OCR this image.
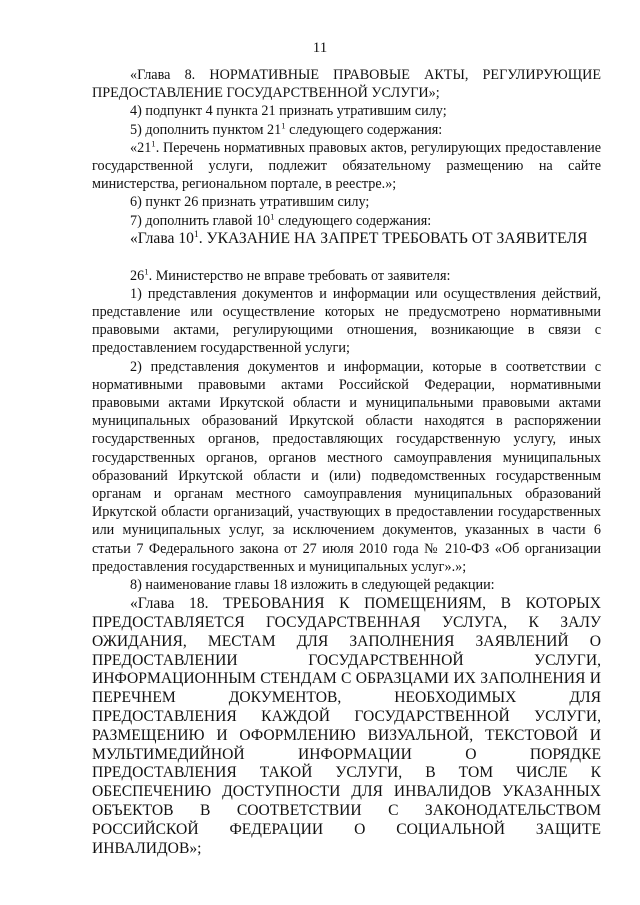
11

«Глава 8. НОРМАТИВНЫЕ ПРАВОВЫЕ АКТЫ, РЕГУЛИРУЮЩИЕ ПРЕДОСТАВЛЕНИЕ ГОСУДАРСТВЕННОЙ УСЛУГИ»;

4) подпункт 4 пункта 21 признать утратившим силу;

5) дополнить пунктом $21^1$ следующего содержания:

«$21^1$. Перечень нормативных правовых актов, регулирующих предоставление государственной услуги, подлежит обязательному размещению на сайте министерства, региональном портале, в реестре.»;

6) пункт 26 признать утратившим силу;

7) дополнить главой $10^1$ следующего содержания:

«Глава $10^1$. УКАЗАНИЕ НА ЗАПРЕТ ТРЕБОВАТЬ ОТ ЗАЯВИТЕЛЯ

$26^1$. Министерство не вправе требовать от заявителя:

1) представления документов и информации или осуществления действий, представление или осуществление которых не предусмотрено нормативными правовыми актами, регулирующими отношения, возникающие в связи с предоставлением государственной услуги;

2) представления документов и информации, которые в соответствии с нормативными правовыми актами Российской Федерации, нормативными правовыми актами Иркутской области и муниципальными правовыми актами муниципальных образований Иркутской области находятся в распоряжении государственных органов, предоставляющих государственную услугу, иных государственных органов, органов местного самоуправления муниципальных образований Иркутской области и (или) подведомственных государственным органам и органам местного самоуправления муниципальных образований Иркутской области организаций, участвующих в предоставлении государственных или муниципальных услуг, за исключением документов, указанных в части 6 статьи 7 Федерального закона от 27 июля 2010 года № 210-ФЗ «Об организации предоставления государственных и муниципальных услуг».»;

8) наименование главы 18 изложить в следующей редакции:

«Глава 18. ТРЕБОВАНИЯ К ПОМЕЩЕНИЯМ, В КОТОРЫХ ПРЕДОСТАВЛЯЕТСЯ ГОСУДАРСТВЕННАЯ УСЛУГА, К ЗАЛУ ОЖИДАНИЯ, МЕСТАМ ДЛЯ ЗАПОЛНЕНИЯ ЗАЯВЛЕНИЙ О ПРЕДОСТАВЛЕНИИ ГОСУДАРСТВЕННОЙ УСЛУГИ, ИНФОРМАЦИОННЫМ СТЕНДАМ С ОБРАЗЦАМИ ИХ ЗАПОЛНЕНИЯ И ПЕРЕЧНЕМ ДОКУМЕНТОВ, НЕОБХОДИМЫХ ДЛЯ ПРЕДОСТАВЛЕНИЯ КАЖДОЙ ГОСУДАРСТВЕННОЙ УСЛУГИ, РАЗМЕЩЕНИЮ И ОФОРМЛЕНИЮ ВИЗУАЛЬНОЙ, ТЕКСТОВОЙ И МУЛЬТИМЕДИЙНОЙ ИНФОРМАЦИИ О ПОРЯДКЕ ПРЕДОСТАВЛЕНИЯ ТАКОЙ УСЛУГИ, В ТОМ ЧИСЛЕ К ОБЕСПЕЧЕНИЮ ДОСТУПНОСТИ ДЛЯ ИНВАЛИДОВ УКАЗАННЫХ ОБЪЕКТОВ В СООТВЕТСТВИИ С ЗАКОНОДАТЕЛЬСТВОМ РОССИЙСКОЙ ФЕДЕРАЦИИ О СОЦИАЛЬНОЙ ЗАЩИТЕ ИНВАЛИДОВ»;
